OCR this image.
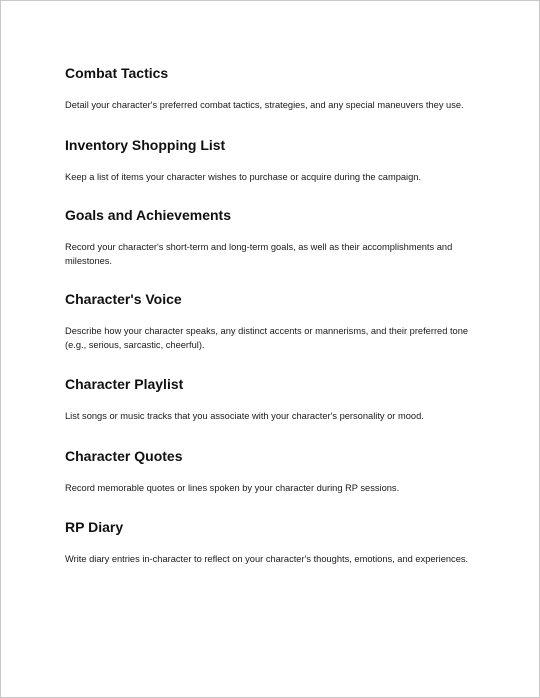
Combat Tactics

Detail your character's preferred combat tactics, strategies, and any special maneuvers they use.

Inventory Shopping List

Keep a list of items your character wishes to purchase or acquire during the campaign.

Goals and Achievements

Record your character's short-term and long-term goals, as well as their accomplishments and milestones.

Character's Voice

Describe how your character speaks, any distinct accents or mannerisms, and their preferred tone (e.g., serious, sarcastic, cheerful).

Character Playlist

List songs or music tracks that you associate with your character's personality or mood.

Character Quotes

Record memorable quotes or lines spoken by your character during RP sessions.

RP Diary

Write diary entries in-character to reflect on your character's thoughts, emotions, and experiences.
